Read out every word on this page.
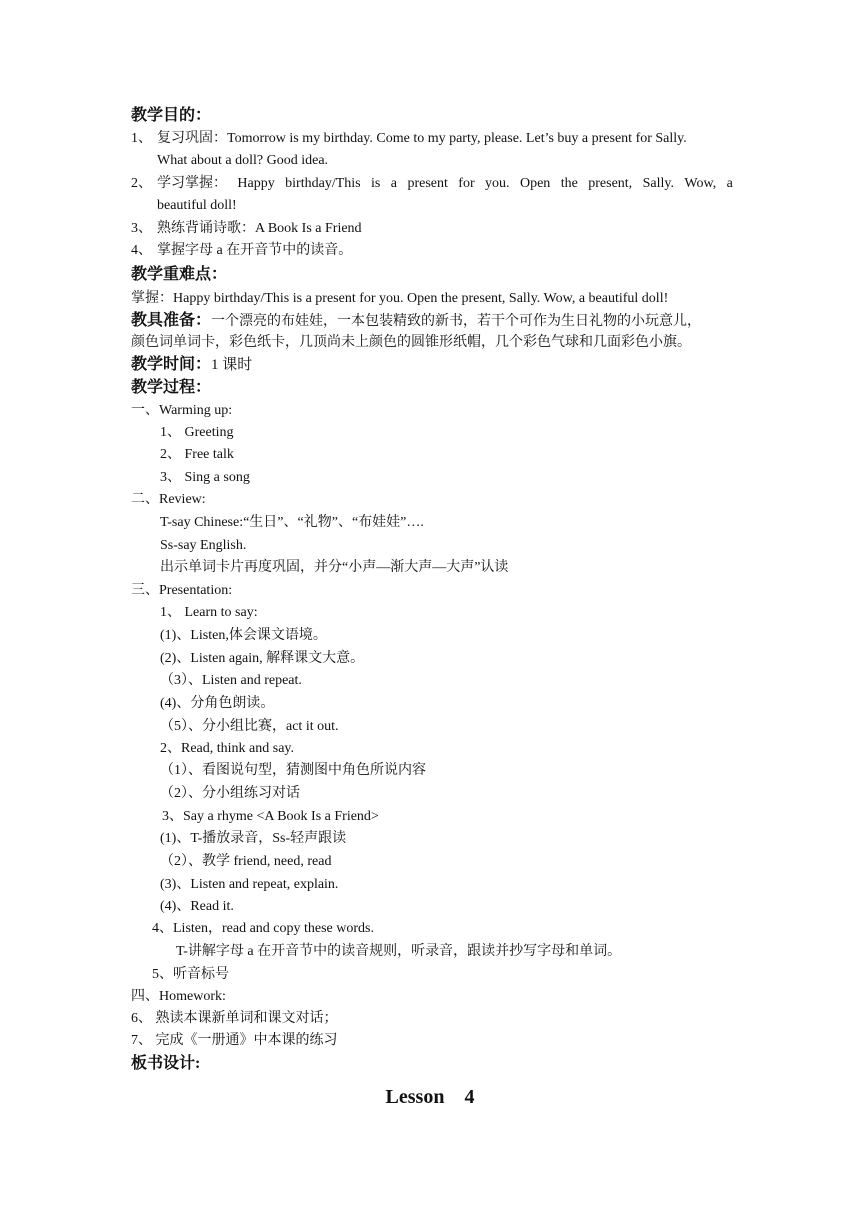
教学目的：
1、 复习巩固：Tomorrow is my birthday. Come to my party, please. Let’s buy a present for Sally.
What about a doll? Good idea.
2、 学习掌握： Happy birthday/This is a present for you. Open the present, Sally. Wow, a
beautiful doll!
3、 熟练背诵诗歌：A Book Is a Friend
4、 掌握字母 a 在开音节中的读音。
教学重难点：
掌握：Happy birthday/This is a present for you. Open the present, Sally. Wow, a beautiful doll!
教具准备：一个漂亮的布娃娃，一本包装精致的新书，若干个可作为生日礼物的小玩意儿，
颜色词单词卡，彩色纸卡，几顶尚未上颜色的圆锥形纸帽，几个彩色气球和几面彩色小旗。
教学时间：1 课时
教学过程：
一、Warming up:
1、 Greeting
2、 Free talk
3、 Sing a song
二、Review:
T-say Chinese:“生日”、“礼物”、“布娃娃”….
Ss-say English.
出示单词卡片再度巩固，并分“小声—渐大声—大声”认读
三、Presentation:
1、 Learn to say:
(1)、Listen,体会课文语境。
(2)、Listen again, 解释课文大意。
（3）、Listen and repeat.
(4)、分角色朗读。
（5）、分小组比赛，act it out.
2、Read, think and say.
（1）、看图说句型，猜测图中角色所说内容
（2）、分小组练习对话
3、Say a rhyme <A Book Is a Friend>
(1)、T-播放录音，Ss-轻声跟读
（2）、教学 friend, need, read
(3)、Listen and repeat, explain.
(4)、Read it.
4、Listen，read and copy these words.
T-讲解字母 a 在开音节中的读音规则，听录音，跟读并抄写字母和单词。
5、听音标号
四、Homework:
6、 熟读本课新单词和课文对话；
7、 完成《一册通》中本课的练习
板书设计:
Lesson    4
